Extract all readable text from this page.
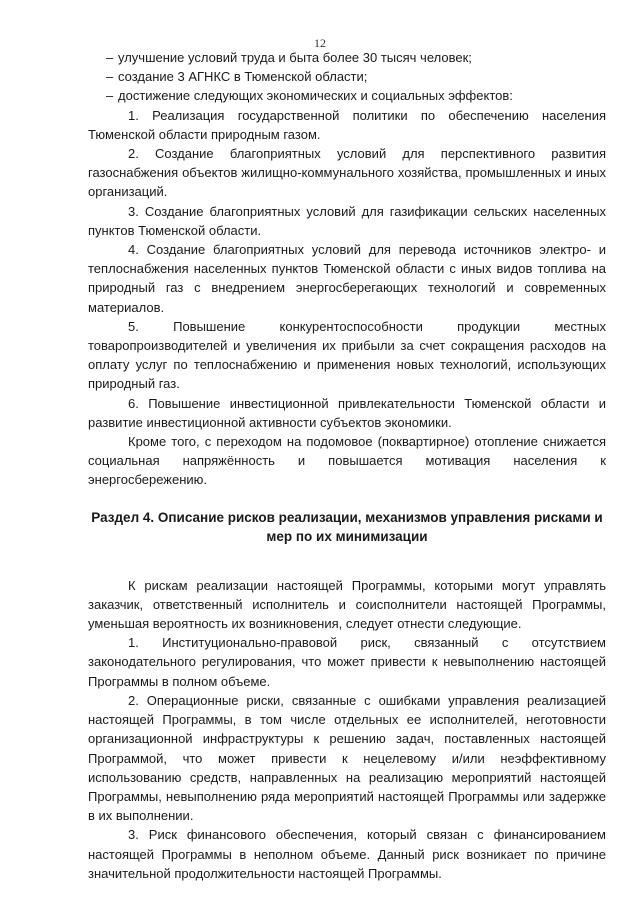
12
– улучшение условий труда и быта более 30 тысяч человек;
– создание 3 АГНКС в Тюменской области;
– достижение следующих экономических и социальных эффектов:

1. Реализация государственной политики по обеспечению населения Тюменской области природным газом.

2. Создание благоприятных условий для перспективного развития газоснабжения объектов жилищно-коммунального хозяйства, промышленных и иных организаций.

3. Создание благоприятных условий для газификации сельских населенных пунктов Тюменской области.

4. Создание благоприятных условий для перевода источников электро- и теплоснабжения населенных пунктов Тюменской области с иных видов топлива на природный газ с внедрением энергосберегающих технологий и современных материалов.

5. Повышение конкурентоспособности продукции местных товаропроизводителей и увеличения их прибыли за счет сокращения расходов на оплату услуг по теплоснабжению и применения новых технологий, использующих природный газ.

6. Повышение инвестиционной привлекательности Тюменской области и развитие инвестиционной активности субъектов экономики.

Кроме того, с переходом на подомовое (поквартирное) отопление снижается социальная напряжённость и повышается мотивация населения к энергосбережению.

Раздел 4. Описание рисков реализации, механизмов управления рисками и мер по их минимизации

К рискам реализации настоящей Программы, которыми могут управлять заказчик, ответственный исполнитель и соисполнители настоящей Программы, уменьшая вероятность их возникновения, следует отнести следующие.

1. Институционально-правовой риск, связанный с отсутствием законодательного регулирования, что может привести к невыполнению настоящей Программы в полном объеме.

2. Операционные риски, связанные с ошибками управления реализацией настоящей Программы, в том числе отдельных ее исполнителей, неготовности организационной инфраструктуры к решению задач, поставленных настоящей Программой, что может привести к нецелевому и/или неэффективному использованию средств, направленных на реализацию мероприятий настоящей Программы, невыполнению ряда мероприятий настоящей Программы или задержке в их выполнении.

3. Риск финансового обеспечения, который связан с финансированием настоящей Программы в неполном объеме. Данный риск возникает по причине значительной продолжительности настоящей Программы.
